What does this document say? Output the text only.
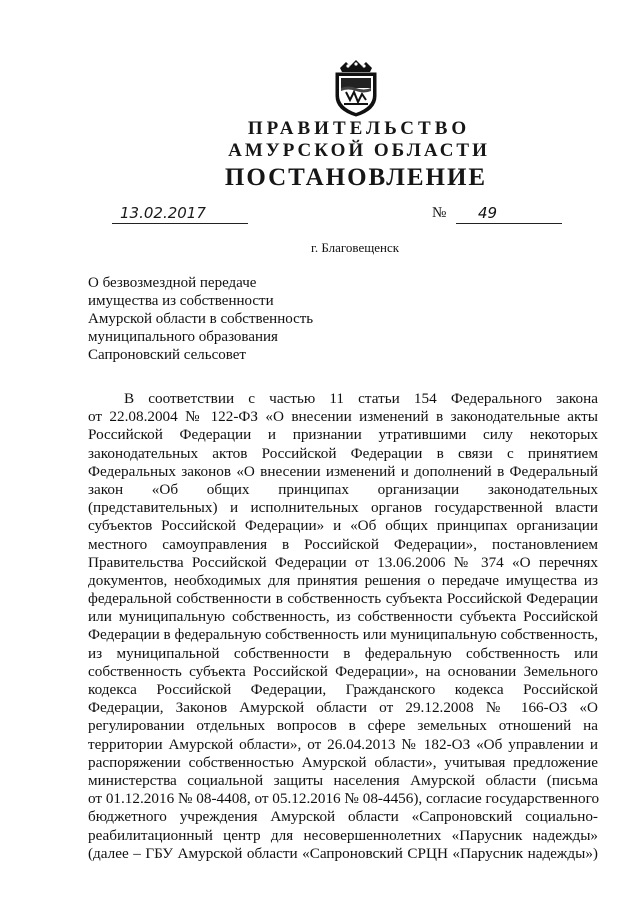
ПРАВИТЕЛЬСТВО
АМУРСКОЙ ОБЛАСТИ
ПОСТАНОВЛЕНИЕ
13.02.2017	№	49
г. Благовещенск
О безвозмездной передаче
имущества из собственности
Амурской области в собственность
муниципального образования
Сапроновский сельсовет
В соответствии с частью 11 статьи 154 Федерального закона
от 22.08.2004 № 122-ФЗ «О внесении изменений в законодательные акты
Российской Федерации и признании утратившими силу некоторых
законодательных актов Российской Федерации в связи с принятием
Федеральных законов «О внесении изменений и дополнений в Федеральный
закон «Об общих принципах организации законодательных
(представительных) и исполнительных органов государственной власти
субъектов Российской Федерации» и «Об общих принципах организации
местного самоуправления в Российской Федерации», постановлением
Правительства Российской Федерации от 13.06.2006 № 374 «О перечнях
документов, необходимых для принятия решения о передаче имущества из
федеральной собственности в собственность субъекта Российской Федерации
или муниципальную собственность, из собственности субъекта Российской
Федерации в федеральную собственность или муниципальную собственность,
из муниципальной собственности в федеральную собственность или
собственность субъекта Российской Федерации», на основании Земельного
кодекса Российской Федерации, Гражданского кодекса Российской
Федерации, Законов Амурской области от 29.12.2008 № 166-ОЗ «О
регулировании отдельных вопросов в сфере земельных отношений на
территории Амурской области», от 26.04.2013 № 182-ОЗ «Об управлении и
распоряжении собственностью Амурской области», учитывая предложение
министерства социальной защиты населения Амурской области (письма
от 01.12.2016 № 08-4408, от 05.12.2016 № 08-4456), согласие государственного
бюджетного учреждения Амурской области «Сапроновский социально-
реабилитационный центр для несовершеннолетних «Парусник надежды»
(далее – ГБУ Амурской области «Сапроновский СРЦН «Парусник надежды»)
